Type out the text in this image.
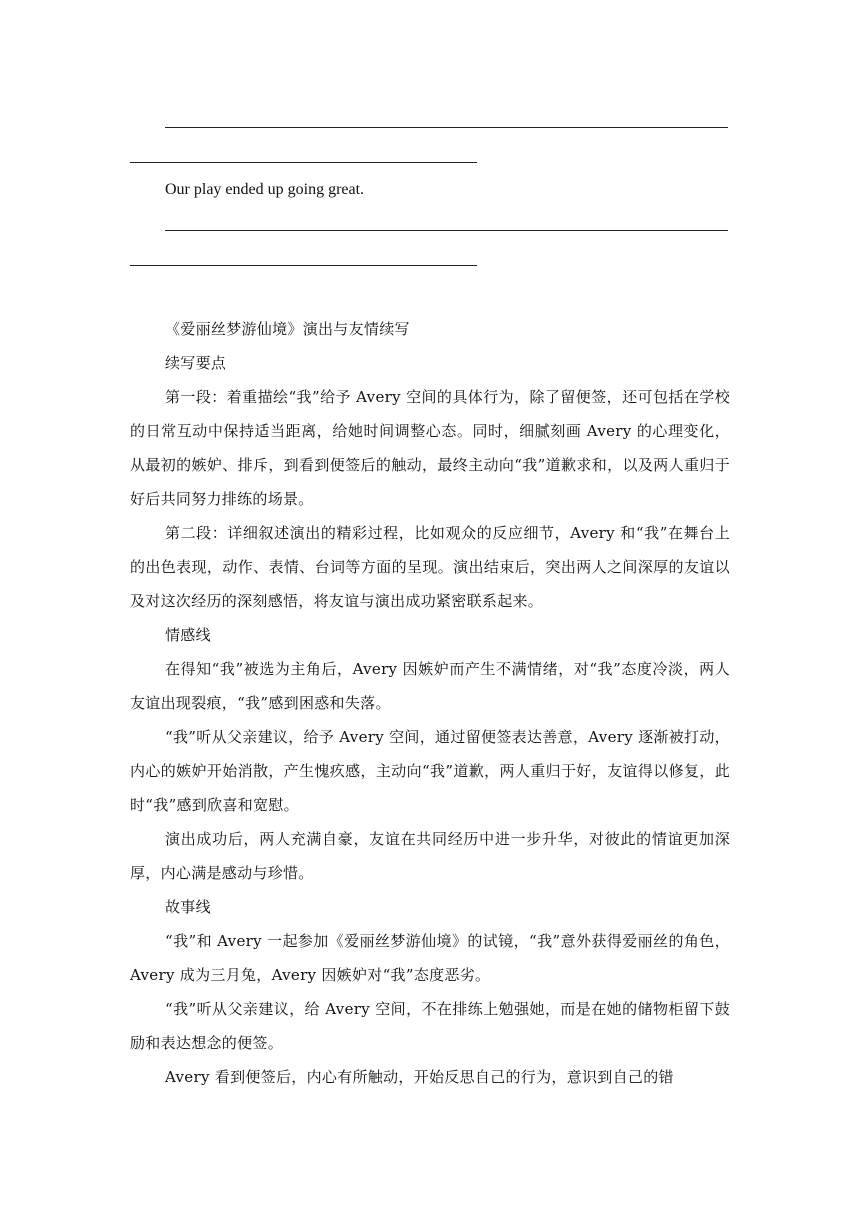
Our play ended up going great.

《爱丽丝梦游仙境》演出与友情续写

续写要点

第一段：着重描绘“我”给予 Avery 空间的具体行为，除了留便签，还可包括在学校的日常互动中保持适当距离，给她时间调整心态。同时，细腻刻画 Avery 的心理变化，从最初的嫉妒、排斥，到看到便签后的触动，最终主动向“我”道歉求和，以及两人重归于好后共同努力排练的场景。

第二段：详细叙述演出的精彩过程，比如观众的反应细节，Avery 和“我”在舞台上的出色表现，动作、表情、台词等方面的呈现。演出结束后，突出两人之间深厚的友谊以及对这次经历的深刻感悟，将友谊与演出成功紧密联系起来。

情感线

在得知“我”被选为主角后，Avery 因嫉妒而产生不满情绪，对“我”态度冷淡，两人友谊出现裂痕，“我”感到困惑和失落。

“我”听从父亲建议，给予 Avery 空间，通过留便签表达善意，Avery 逐渐被打动，内心的嫉妒开始消散，产生愧疚感，主动向“我”道歉，两人重归于好，友谊得以修复，此时“我”感到欣喜和宽慰。

演出成功后，两人充满自豪，友谊在共同经历中进一步升华，对彼此的情谊更加深厚，内心满是感动与珍惜。

故事线

“我”和 Avery 一起参加《爱丽丝梦游仙境》的试镜，“我”意外获得爱丽丝的角色，Avery 成为三月兔，Avery 因嫉妒对“我”态度恶劣。

“我”听从父亲建议，给 Avery 空间，不在排练上勉强她，而是在她的储物柜留下鼓励和表达想念的便签。

Avery 看到便签后，内心有所触动，开始反思自己的行为，意识到自己的错
